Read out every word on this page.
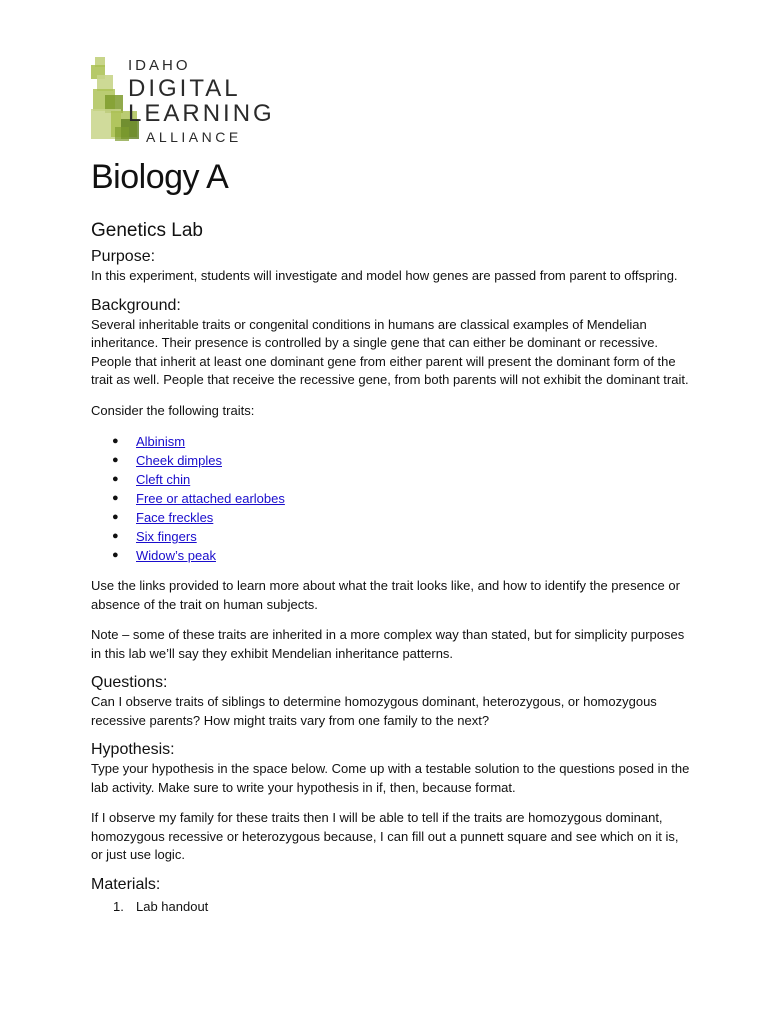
IDAHO
DIGITAL
LEARNING
ALLIANCE
Biology A
Genetics Lab
Purpose:

In this experiment, students will investigate and model how genes are passed from parent to offspring.

Background:

Several inheritable traits or congenital conditions in humans are classical examples of Mendelian inheritance. Their presence is controlled by a single gene that can either be dominant or recessive. People that inherit at least one dominant gene from either parent will present the dominant form of the trait as well. People that receive the recessive gene, from both parents will not exhibit the dominant trait.

Consider the following traits:

● Albinism
● Cheek dimples
● Cleft chin
● Free or attached earlobes
● Face freckles
● Six fingers
● Widow’s peak

Use the links provided to learn more about what the trait looks like, and how to identify the presence or absence of the trait on human subjects.

Note – some of these traits are inherited in a more complex way than stated, but for simplicity purposes in this lab we’ll say they exhibit Mendelian inheritance patterns.

Questions:

Can I observe traits of siblings to determine homozygous dominant, heterozygous, or homozygous recessive parents? How might traits vary from one family to the next?

Hypothesis:

Type your hypothesis in the space below. Come up with a testable solution to the questions posed in the lab activity. Make sure to write your hypothesis in if, then, because format.

If I observe my family for these traits then I will be able to tell if the traits are homozygous dominant, homozygous recessive or heterozygous because, I can fill out a punnett square and see which on it is, or just use logic.

Materials:
1. Lab handout
